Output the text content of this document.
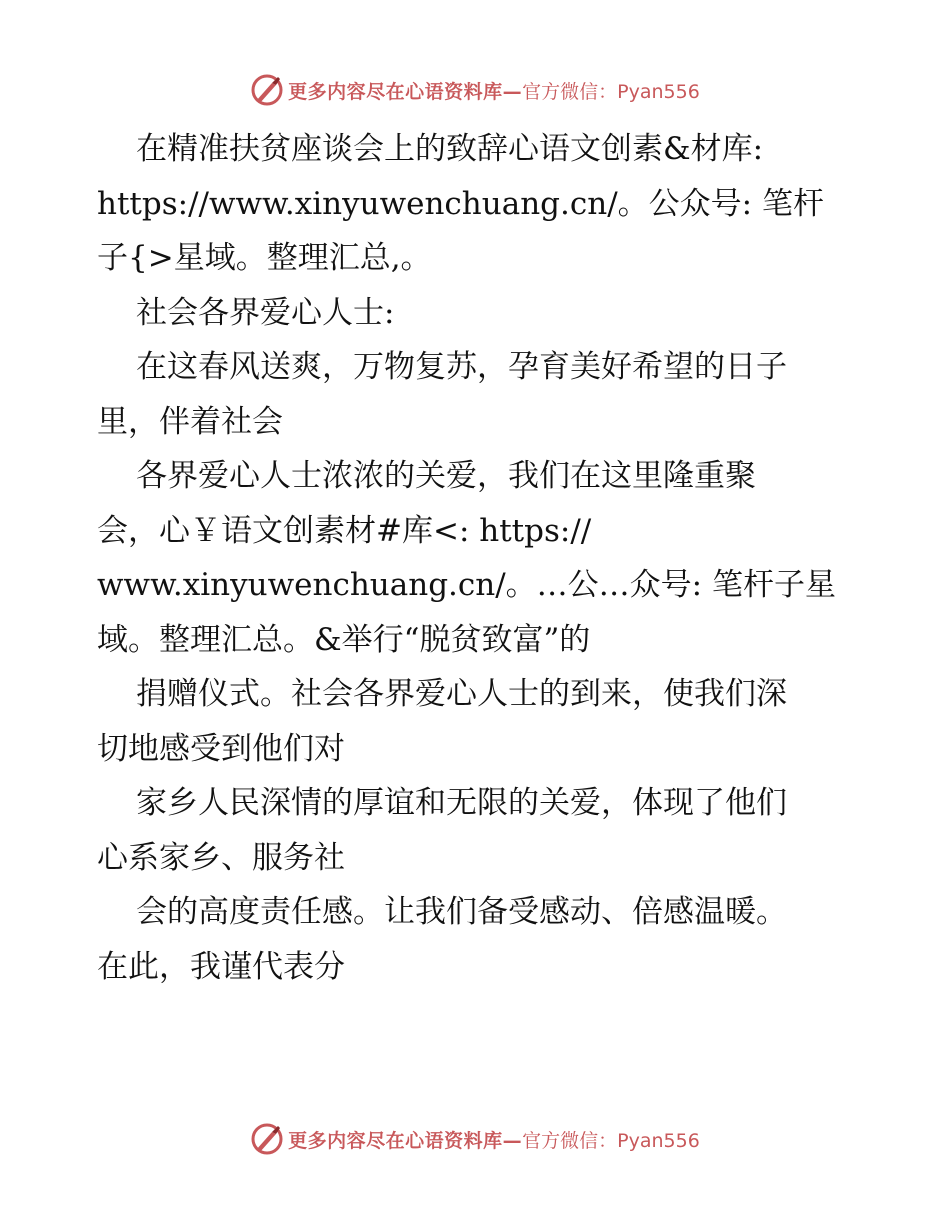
更多内容尽在心语资料库— 官方微信：Pyan556
在精准扶贫座谈会上的致辞心语文创素&材库:
https://www.xinyuwenchuang.cn/。公众号: 笔杆
子{>星域。整理汇总,。
社会各界爱心人士:
在这春风送爽，万物复苏，孕育美好希望的日子
里，伴着社会
各界爱心人士浓浓的关爱，我们在这里隆重聚
会，心￥语文创素材#库<: https://
www.xinyuwenchuang.cn/。…公…众号: 笔杆子星
域。整理汇总。&举行“脱贫致富”的
捐赠仪式。社会各界爱心人士的到来，使我们深
切地感受到他们对
家乡人民深情的厚谊和无限的关爱，体现了他们
心系家乡、服务社
会的高度责任感。让我们备受感动、倍感温暖。
在此，我谨代表分
更多内容尽在心语资料库— 官方微信：Pyan556
